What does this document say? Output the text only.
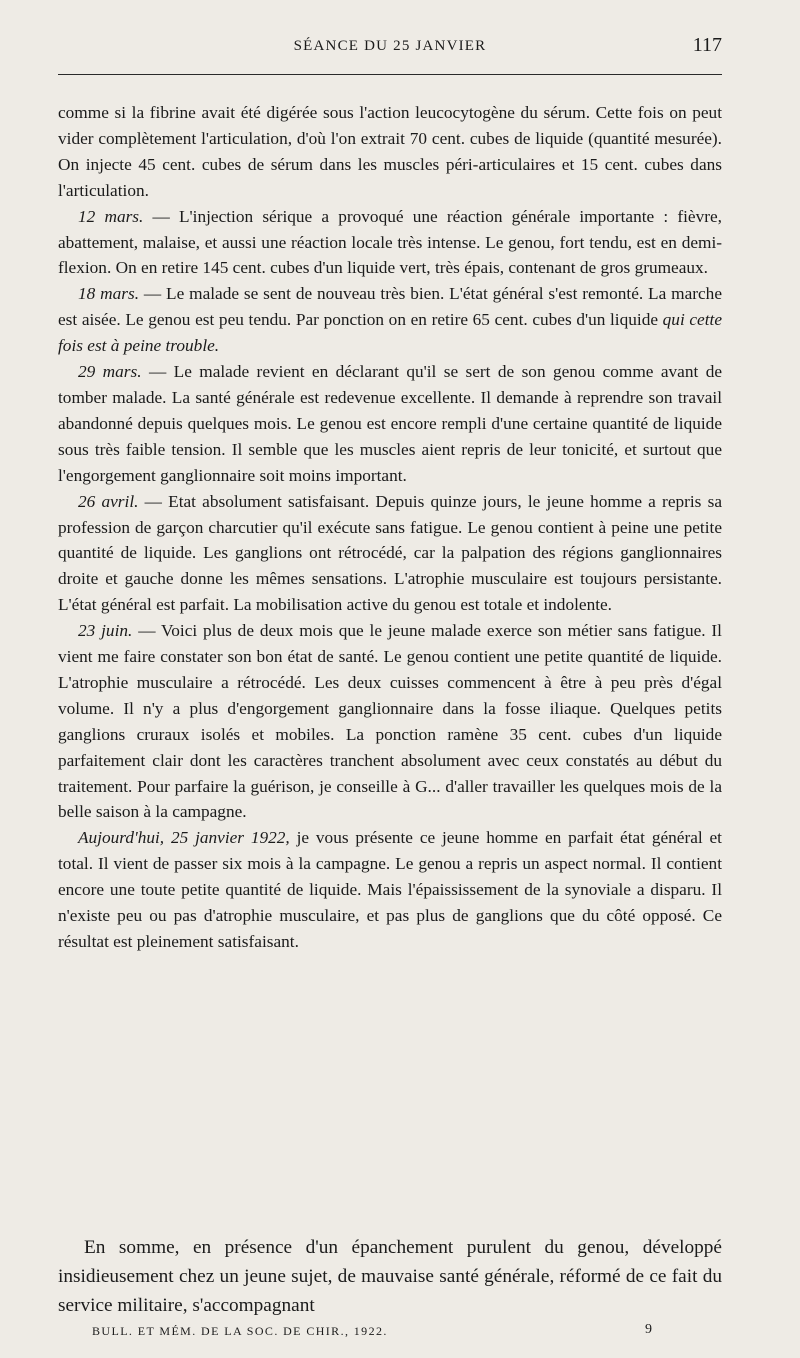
SÉANCE DU 25 JANVIER	117

comme si la fibrine avait été digérée sous l'action leucocytogène du sérum. Cette fois on peut vider complètement l'articulation, d'où l'on extrait 70 cent. cubes de liquide (quantité mesurée). On injecte 45 cent. cubes de sérum dans les muscles péri-articulaires et 15 cent. cubes dans l'articulation.

12 mars. — L'injection sérique a provoqué une réaction générale importante : fièvre, abattement, malaise, et aussi une réaction locale très intense. Le genou, fort tendu, est en demi-flexion. On en retire 145 cent. cubes d'un liquide vert, très épais, contenant de gros grumeaux.

18 mars. — Le malade se sent de nouveau très bien. L'état général s'est remonté. La marche est aisée. Le genou est peu tendu. Par ponction on en retire 65 cent. cubes d'un liquide qui cette fois est à peine trouble.

29 mars. — Le malade revient en déclarant qu'il se sert de son genou comme avant de tomber malade. La santé générale est redevenue excellente. Il demande à reprendre son travail abandonné depuis quelques mois. Le genou est encore rempli d'une certaine quantité de liquide sous très faible tension. Il semble que les muscles aient repris de leur tonicité, et surtout que l'engorgement ganglionnaire soit moins important.

26 avril. — Etat absolument satisfaisant. Depuis quinze jours, le jeune homme a repris sa profession de garçon charcutier qu'il exécute sans fatigue. Le genou contient à peine une petite quantité de liquide. Les ganglions ont rétrocédé, car la palpation des régions ganglionnaires droite et gauche donne les mêmes sensations. L'atrophie musculaire est toujours persistante. L'état général est parfait. La mobilisation active du genou est totale et indolente.

23 juin. — Voici plus de deux mois que le jeune malade exerce son métier sans fatigue. Il vient me faire constater son bon état de santé. Le genou contient une petite quantité de liquide. L'atrophie musculaire a rétrocédé. Les deux cuisses commencent à être à peu près d'égal volume. Il n'y a plus d'engorgement ganglionnaire dans la fosse iliaque. Quelques petits ganglions cruraux isolés et mobiles. La ponction ramène 35 cent. cubes d'un liquide parfaitement clair dont les caractères tranchent absolument avec ceux constatés au début du traitement. Pour parfaire la guérison, je conseille à G... d'aller travailler les quelques mois de la belle saison à la campagne.

Aujourd'hui, 25 janvier 1922, je vous présente ce jeune homme en parfait état général et total. Il vient de passer six mois à la campagne. Le genou a repris un aspect normal. Il contient encore une toute petite quantité de liquide. Mais l'épaississement de la synoviale a disparu. Il n'existe peu ou pas d'atrophie musculaire, et pas plus de ganglions que du côté opposé. Ce résultat est pleinement satisfaisant.

En somme, en présence d'un épanchement purulent du genou, développé insidieusement chez un jeune sujet, de mauvaise santé générale, réformé de ce fait du service militaire, s'accompagnant

BULL. ET MÉM. DE LA SOC. DE CHIR., 1922.	9
